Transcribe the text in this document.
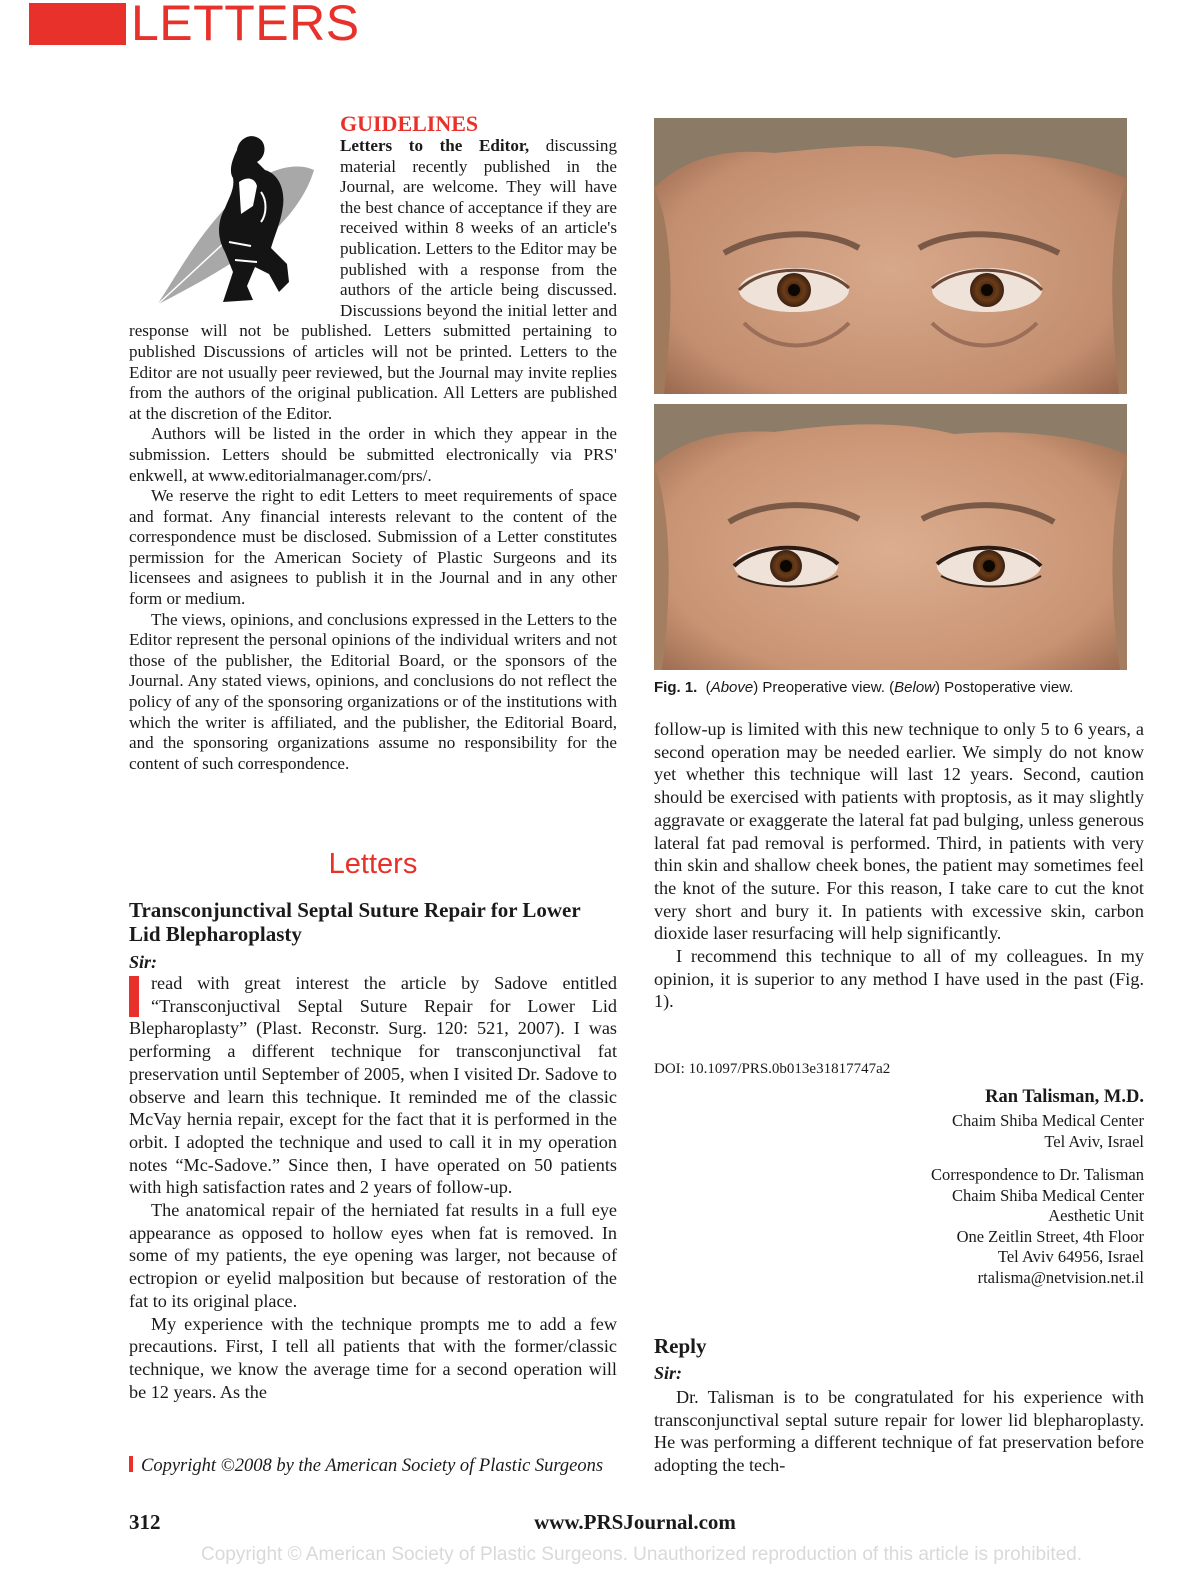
LETTERS
GUIDELINES

Letters to the Editor, discussing material recently published in the Journal, are welcome. They will have the best chance of acceptance if they are received within 8 weeks of an article's publication. Letters to the Editor may be published with a response from the authors of the article being discussed. Discussions beyond the initial letter and response will not be published. Letters submitted pertaining to published Discussions of articles will not be printed. Letters to the Editor are not usually peer reviewed, but the Journal may invite replies from the authors of the original publication. All Letters are published at the discretion of the Editor.

Authors will be listed in the order in which they appear in the submission. Letters should be submitted electronically via PRS' enkwell, at www.editorialmanager.com/prs/.

We reserve the right to edit Letters to meet requirements of space and format. Any financial interests relevant to the content of the correspondence must be disclosed. Submission of a Letter constitutes permission for the American Society of Plastic Surgeons and its licensees and asignees to publish it in the Journal and in any other form or medium.

The views, opinions, and conclusions expressed in the Letters to the Editor represent the personal opinions of the individual writers and not those of the publisher, the Editorial Board, or the sponsors of the Journal. Any stated views, opinions, and conclusions do not reflect the policy of any of the sponsoring organizations or of the institutions with which the writer is affiliated, and the publisher, the Editorial Board, and the sponsoring organizations assume no responsibility for the content of such correspondence.

Letters
Transconjunctival Septal Suture Repair for Lower Lid Blepharoplasty
Sir:

read with great interest the article by Sadove entitled “Transconjuctival Septal Suture Repair for Lower Lid Blepharoplasty” (Plast. Reconstr. Surg. 120: 521, 2007). I was performing a different technique for transconjunctival fat preservation until September of 2005, when I visited Dr. Sadove to observe and learn this technique. It reminded me of the classic McVay hernia repair, except for the fact that it is performed in the orbit. I adopted the technique and used to call it in my operation notes “Mc-Sadove.” Since then, I have operated on 50 patients with high satisfaction rates and 2 years of follow-up.

The anatomical repair of the herniated fat results in a full eye appearance as opposed to hollow eyes when fat is removed. In some of my patients, the eye opening was larger, not because of ectropion or eyelid malposition but because of restoration of the fat to its original place.

My experience with the technique prompts me to add a few precautions. First, I tell all patients that with the former/classic technique, we know the average time for a second operation will be 12 years. As the

Copyright ©2008 by the American Society of Plastic Surgeons
Fig. 1.  (Above) Preoperative view. (Below) Postoperative view.

follow-up is limited with this new technique to only 5 to 6 years, a second operation may be needed earlier. We simply do not know yet whether this technique will last 12 years. Second, caution should be exercised with patients with proptosis, as it may slightly aggravate or exaggerate the lateral fat pad bulging, unless generous lateral fat pad removal is performed. Third, in patients with very thin skin and shallow cheek bones, the patient may sometimes feel the knot of the suture. For this reason, I take care to cut the knot very short and bury it. In patients with excessive skin, carbon dioxide laser resurfacing will help significantly.

I recommend this technique to all of my colleagues. In my opinion, it is superior to any method I have used in the past (Fig. 1).

DOI: 10.1097/PRS.0b013e31817747a2
Ran Talisman, M.D.
Chaim Shiba Medical Center
Tel Aviv, Israel
Correspondence to Dr. Talisman
Chaim Shiba Medical Center
Aesthetic Unit
One Zeitlin Street, 4th Floor
Tel Aviv 64956, Israel
rtalisma@netvision.net.il
Reply
Sir:

Dr. Talisman is to be congratulated for his experience with transconjunctival septal suture repair for lower lid blepharoplasty. He was performing a different technique of fat preservation before adopting the tech-

312	www.PRSJournal.com
Copyright © American Society of Plastic Surgeons. Unauthorized reproduction of this article is prohibited.
